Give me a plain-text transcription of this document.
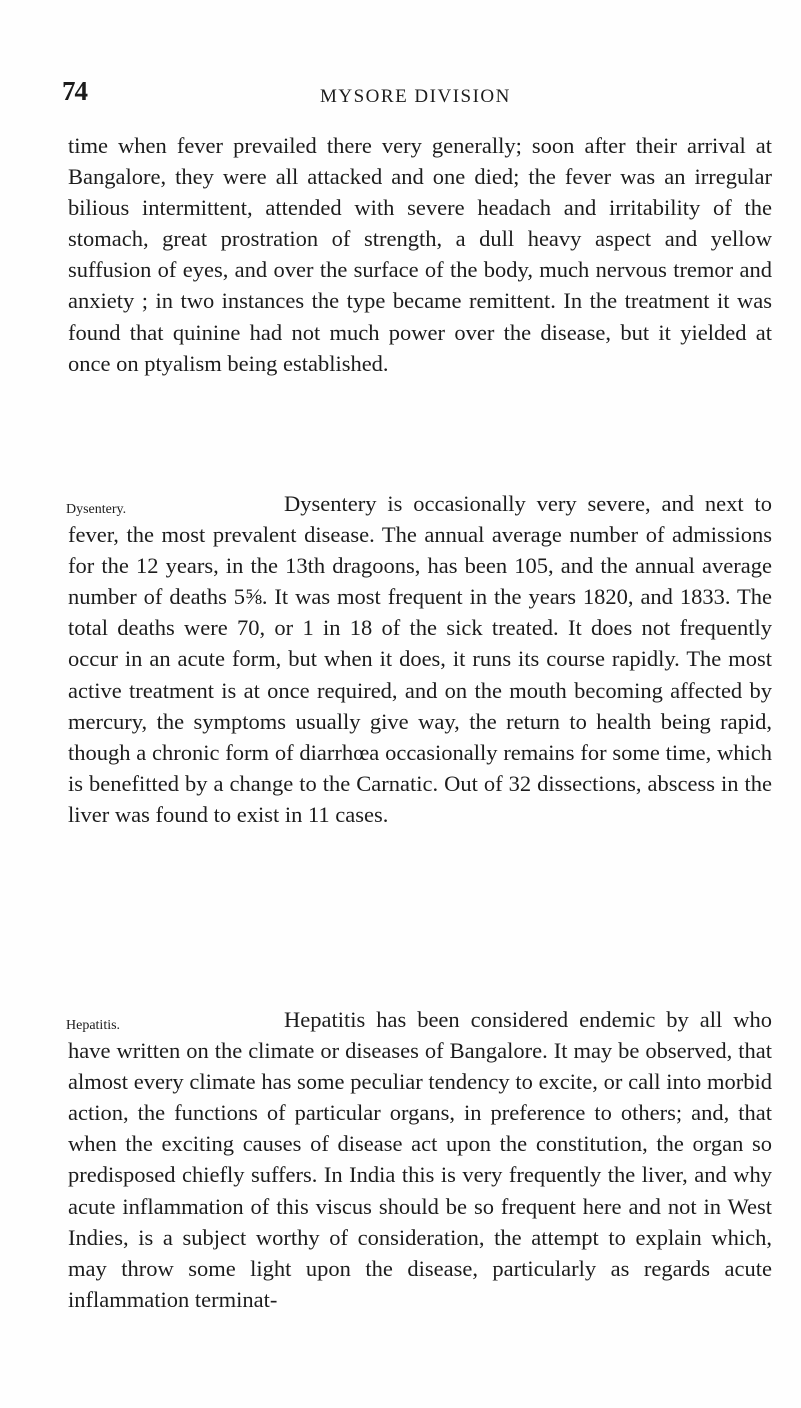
74	MYSORE DIVISION

time when fever prevailed there very generally; soon after their arrival at Bangalore, they were all attacked and one died; the fever was an irregular bilious intermittent, attended with severe headach and irritability of the stomach, great prostration of strength, a dull heavy aspect and yellow suffusion of eyes, and over the surface of the body, much nervous tremor and anxiety ; in two instances the type became remittent. In the treatment it was found that quinine had not much power over the disease, but it yielded at once on ptyalism being established.

Dysentery.	Dysentery is occasionally very severe, and next to fever, the most prevalent disease. The annual average number of admissions for the 12 years, in the 13th dragoons, has been 105, and the annual average number of deaths 5⅝. It was most frequent in the years 1820, and 1833. The total deaths were 70, or 1 in 18 of the sick treated. It does not frequently occur in an acute form, but when it does, it runs its course rapidly. The most active treatment is at once required, and on the mouth becoming affected by mercury, the symptoms usually give way, the return to health being rapid, though a chronic form of diarrhœa occasionally remains for some time, which is benefitted by a change to the Carnatic. Out of 32 dissections, abscess in the liver was found to exist in 11 cases.

Hepatitis.	Hepatitis has been considered endemic by all who have written on the climate or diseases of Bangalore. It may be observed, that almost every climate has some peculiar tendency to excite, or call into morbid action, the functions of particular organs, in preference to others; and, that when the exciting causes of disease act upon the constitution, the organ so predisposed chiefly suffers. In India this is very frequently the liver, and why acute inflammation of this viscus should be so frequent here and not in West Indies, is a subject worthy of consideration, the attempt to explain which, may throw some light upon the disease, particularly as regards acute inflammation terminat-
